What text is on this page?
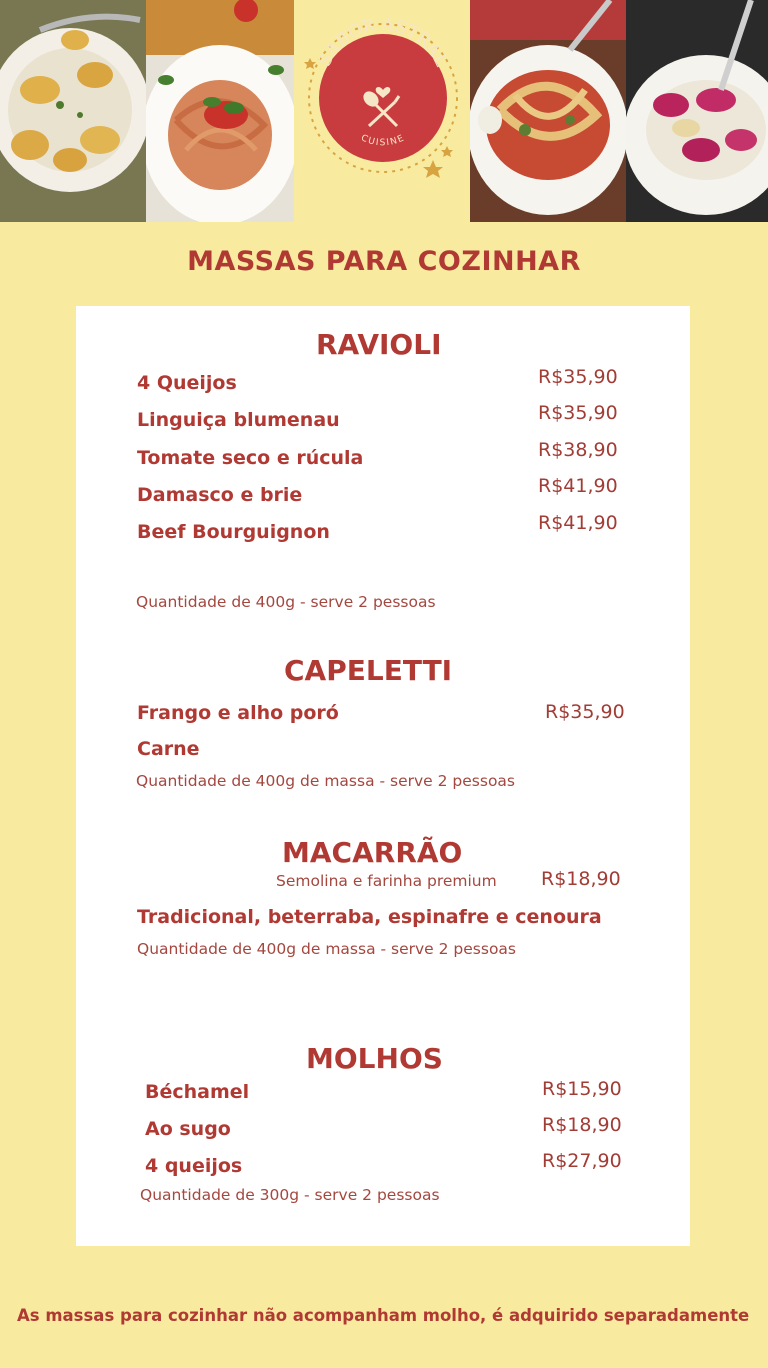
SABOR ASTRAL
CUISINE
MASSAS PARA COZINHAR
RAVIOLI
4 Queijos	R$35,90
Linguiça blumenau	R$35,90
Tomate seco e rúcula	R$38,90
Damasco e brie	R$41,90
Beef Bourguignon	R$41,90
Quantidade de 400g - serve 2 pessoas
CAPELETTI
Frango e alho poró	R$35,90
Carne
Quantidade de 400g de massa - serve 2 pessoas
MACARRÃO
Semolina e farinha premium R$18,90
Tradicional, beterraba, espinafre e cenoura
Quantidade de 400g de massa - serve 2 pessoas
MOLHOS
Béchamel	R$15,90
Ao sugo	R$18,90
4 queijos	R$27,90
Quantidade de 300g - serve 2 pessoas
As massas para cozinhar não acompanham molho, é adquirido separadamente
